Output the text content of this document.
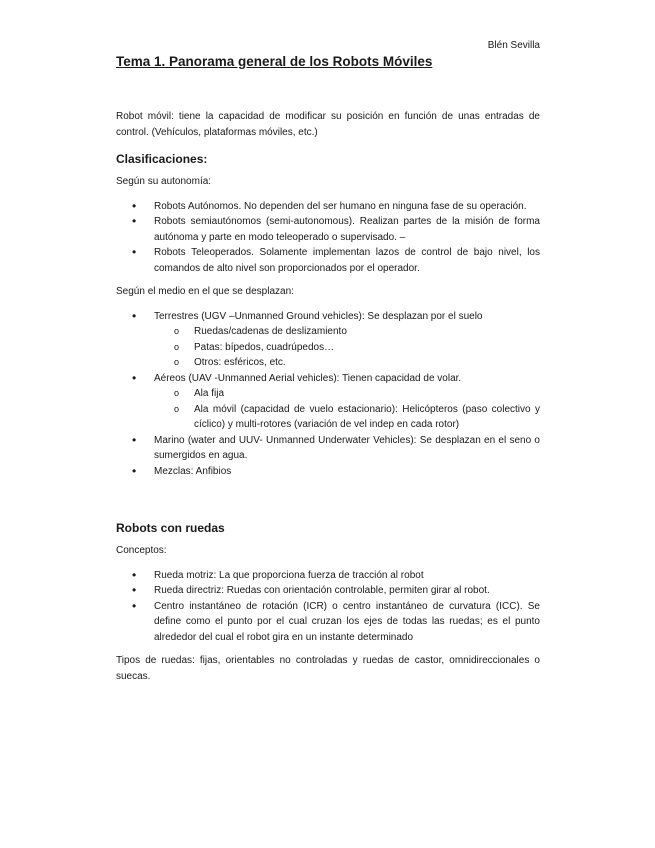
Blén Sevilla
Tema 1. Panorama general de los Robots Móviles

Robot móvil: tiene la capacidad de modificar su posición en función de unas entradas de control. (Vehículos, plataformas móviles, etc.)

Clasificaciones:

Según su autonomía:

• Robots Autónomos. No dependen del ser humano en ninguna fase de su operación.
• Robots semiautónomos (semi-autonomous). Realizan partes de la misión de forma autónoma y parte en modo teleoperado o supervisado. –
• Robots Teleoperados. Solamente implementan lazos de control de bajo nivel, los comandos de alto nivel son proporcionados por el operador.

Según el medio en el que se desplazan:

• Terrestres (UGV –Unmanned Ground vehicles): Se desplazan por el suelo
o Ruedas/cadenas de deslizamiento
o Patas: bípedos, cuadrúpedos…
o Otros: esféricos, etc.
• Aéreos (UAV -Unmanned Aerial vehicles): Tienen capacidad de volar.
o Ala fija
o Ala móvil (capacidad de vuelo estacionario): Helicópteros (paso colectivo y cíclico) y multi-rotores (variación de vel indep en cada rotor)
• Marino (water and UUV- Unmanned Underwater Vehicles): Se desplazan en el seno o sumergidos en agua.
• Mezclas: Anfibios
Robots con ruedas

Conceptos:

• Rueda motriz: La que proporciona fuerza de tracción al robot
• Rueda directriz: Ruedas con orientación controlable, permiten girar al robot.
• Centro instantáneo de rotación (ICR) o centro instantáneo de curvatura (ICC). Se define como el punto por el cual cruzan los ejes de todas las ruedas; es el punto alrededor del cual el robot gira en un instante determinado

Tipos de ruedas: fijas, orientables no controladas y ruedas de castor, omnidireccionales o suecas.
